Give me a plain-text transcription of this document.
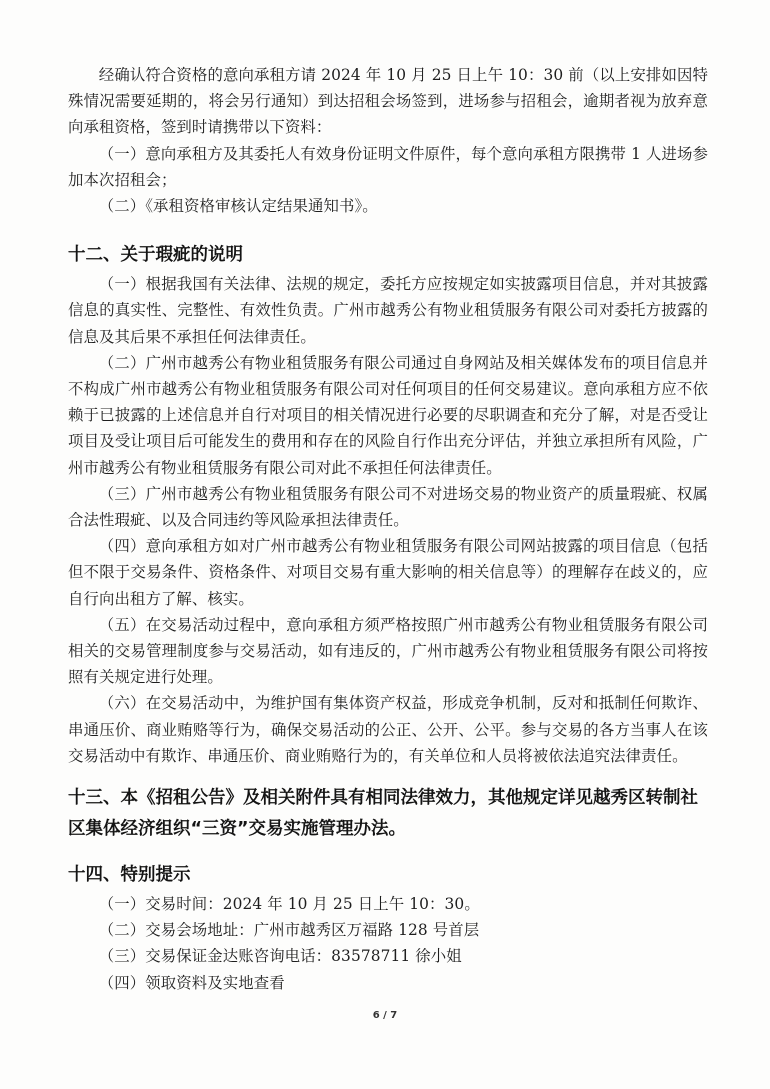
经确认符合资格的意向承租方请 2024 年 10 月 25 日上午 10：30 前（以上安排如因特殊情况需要延期的，将会另行通知）到达招租会场签到，进场参与招租会，逾期者视为放弃意向承租资格，签到时请携带以下资料：

（一）意向承租方及其委托人有效身份证明文件原件，每个意向承租方限携带 1 人进场参加本次招租会；

（二）《承租资格审核认定结果通知书》。

十二、关于瑕疵的说明

（一）根据我国有关法律、法规的规定，委托方应按规定如实披露项目信息，并对其披露信息的真实性、完整性、有效性负责。广州市越秀公有物业租赁服务有限公司对委托方披露的信息及其后果不承担任何法律责任。

（二）广州市越秀公有物业租赁服务有限公司通过自身网站及相关媒体发布的项目信息并不构成广州市越秀公有物业租赁服务有限公司对任何项目的任何交易建议。意向承租方应不依赖于已披露的上述信息并自行对项目的相关情况进行必要的尽职调查和充分了解，对是否受让项目及受让项目后可能发生的费用和存在的风险自行作出充分评估，并独立承担所有风险，广州市越秀公有物业租赁服务有限公司对此不承担任何法律责任。

（三）广州市越秀公有物业租赁服务有限公司不对进场交易的物业资产的质量瑕疵、权属合法性瑕疵、以及合同违约等风险承担法律责任。

（四）意向承租方如对广州市越秀公有物业租赁服务有限公司网站披露的项目信息（包括但不限于交易条件、资格条件、对项目交易有重大影响的相关信息等）的理解存在歧义的，应自行向出租方了解、核实。

（五）在交易活动过程中，意向承租方须严格按照广州市越秀公有物业租赁服务有限公司相关的交易管理制度参与交易活动，如有违反的，广州市越秀公有物业租赁服务有限公司将按照有关规定进行处理。

（六）在交易活动中，为维护国有集体资产权益，形成竞争机制，反对和抵制任何欺诈、串通压价、商业贿赂等行为，确保交易活动的公正、公开、公平。参与交易的各方当事人在该交易活动中有欺诈、串通压价、商业贿赂行为的，有关单位和人员将被依法追究法律责任。

十三、本《招租公告》及相关附件具有相同法律效力，其他规定详见越秀区转制社区集体经济组织“三资”交易实施管理办法。
十四、特别提示

（一）交易时间：2024 年 10 月 25 日上午 10：30。

（二）交易会场地址：广州市越秀区万福路 128 号首层

（三）交易保证金达账咨询电话：83578711 徐小姐

（四）领取资料及实地查看

6 / 7
